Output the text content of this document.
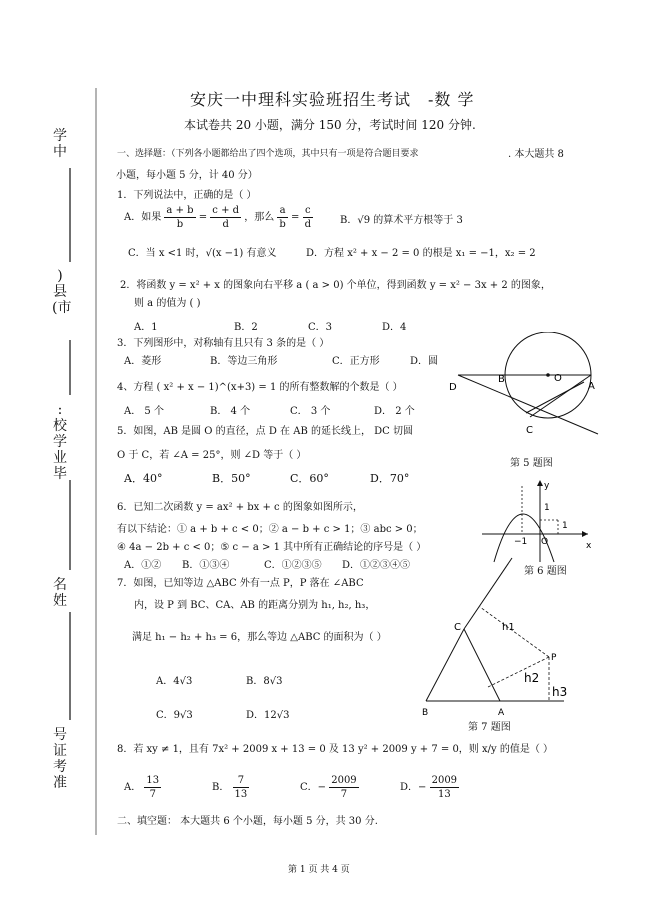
学中
)县(市
:校学业毕
名姓
号证考准
安庆一中理科实验班招生考试　-数 学
本试卷共 20 小题，满分 150 分，考试时间 120 分钟.
一、选择题：（下列各小题都给出了四个选项，其中只有一项是符合题目要求	. 本大题共 8
小题，每小题 5 分，计 40 分）
1．下列说法中，正确的是（ ）
A．如果 $\frac{a + b}{b} = \frac{c + d}{d}$ ，那么 $\frac{a}{b} = \frac{c}{d}$	B．√9 的算术平方根等于 3
C．当 x <1 时，√(x −1) 有意义	D．方程 x² + x − 2 = 0 的根是 x₁ = −1，x₂ = 2
2．将函数 y = x² + x 的图象向右平移 a ( a > 0) 个单位，得到函数 y = x² − 3x + 2 的图象，
则 a 的值为 ( )
A．1	B．2	C．3	D．4
3．下列图形中，对称轴有且只有 3 条的是（ ）
A．菱形	B．等边三角形	C．正方形	D．圆
4、方程 ( x² + x − 1)^(x+3) = 1 的所有整数解的个数是（ ）
A． 5 个	B． 4 个	C． 3 个	D． 2 个
5．如图，AB 是圆 O 的直径，点 D 在 AB 的延长线上， DC 切圆
O 于 C，若 ∠A = 25°，则 ∠D 等于（ ）
A．40°	B．50°	C．60°	D．70°
6．已知二次函数 y = ax² + bx + c 的图象如图所示，
有以下结论：① a + b + c < 0；② a − b + c > 1；③ abc > 0；
④ 4a − 2b + c < 0；⑤ c − a > 1 其中所有正确结论的序号是（ ）
A．①② B．①③④	C．①②③⑤ D．①②③④⑤
7．如图，已知等边 △ABC 外有一点 P，P 落在 ∠ABC
内，设 P 到 BC、CA、AB 的距离分别为 h₁, h₂, h₃，
满足 h₁ − h₂ + h₃ = 6，那么等边 △ABC 的面积为（ ）
A．4√3	B．8√3
C．9√3	D．12√3
8．若 xy ≠ 1，且有 7x² + 2009 x + 13 = 0 及 13 y² + 2009 y + 7 = 0，则 x/y 的值是（ ）
A． $\frac{13}{7}$	B． $\frac{7}{13}$	C．− $\frac{2009}{7}$	D．− $\frac{2009}{13}$
二、填空题： 本大题共 6 个小题，每小题 5 分，共 30 分.
D
B	O
A
C
第 5 题图
y
x
1
1
−1 O
第 6 题图
C
B	A
P
h1
h2
h3
第 7 题图
第 1 页 共 4 页
